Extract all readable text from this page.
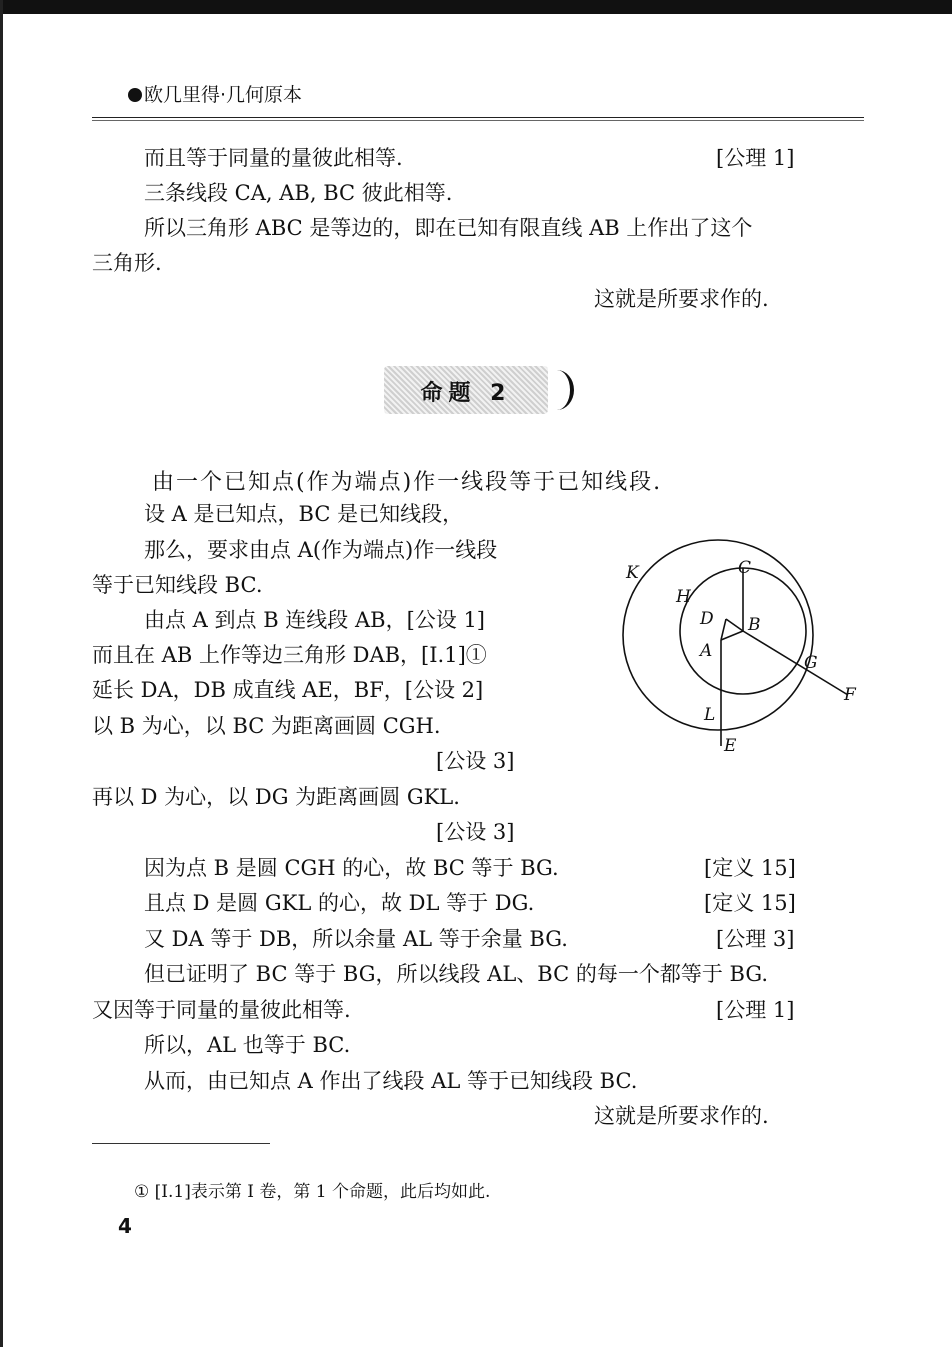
欧几里得·几何原本
而且等于同量的量彼此相等.	[公理 1]
三条线段 CA, AB, BC 彼此相等.
所以三角形 ABC 是等边的，即在已知有限直线 AB 上作出了这个
三角形.
这就是所要求作的.
命题 2
由一个已知点(作为端点)作一线段等于已知线段.
设 A 是已知点，BC 是已知线段，
那么，要求由点 A(作为端点)作一线段
等于已知线段 BC.
由点 A 到点 B 连线段 AB，[公设 1]
而且在 AB 上作等边三角形 DAB，[I.1]①
延长 DA，DB 成直线 AE，BF，[公设 2]
以 B 为心，以 BC 为距离画圆 CGH.
[公设 3]
再以 D 为心，以 DG 为距离画圆 GKL.
[公设 3]
因为点 B 是圆 CGH 的心，故 BC 等于 BG.	[定义 15]
且点 D 是圆 GKL 的心，故 DL 等于 DG.	[定义 15]
又 DA 等于 DB，所以余量 AL 等于余量 BG.	[公理 3]
但已证明了 BC 等于 BG，所以线段 AL、BC 的每一个都等于 BG.
又因等于同量的量彼此相等.	[公理 1]
所以，AL 也等于 BC.
从而，由已知点 A 作出了线段 AL 等于已知线段 BC.
这就是所要求作的.
K	C
H
D B
A
G
F
L
E
① [I.1]表示第 I 卷，第 1 个命题，此后均如此.
4
